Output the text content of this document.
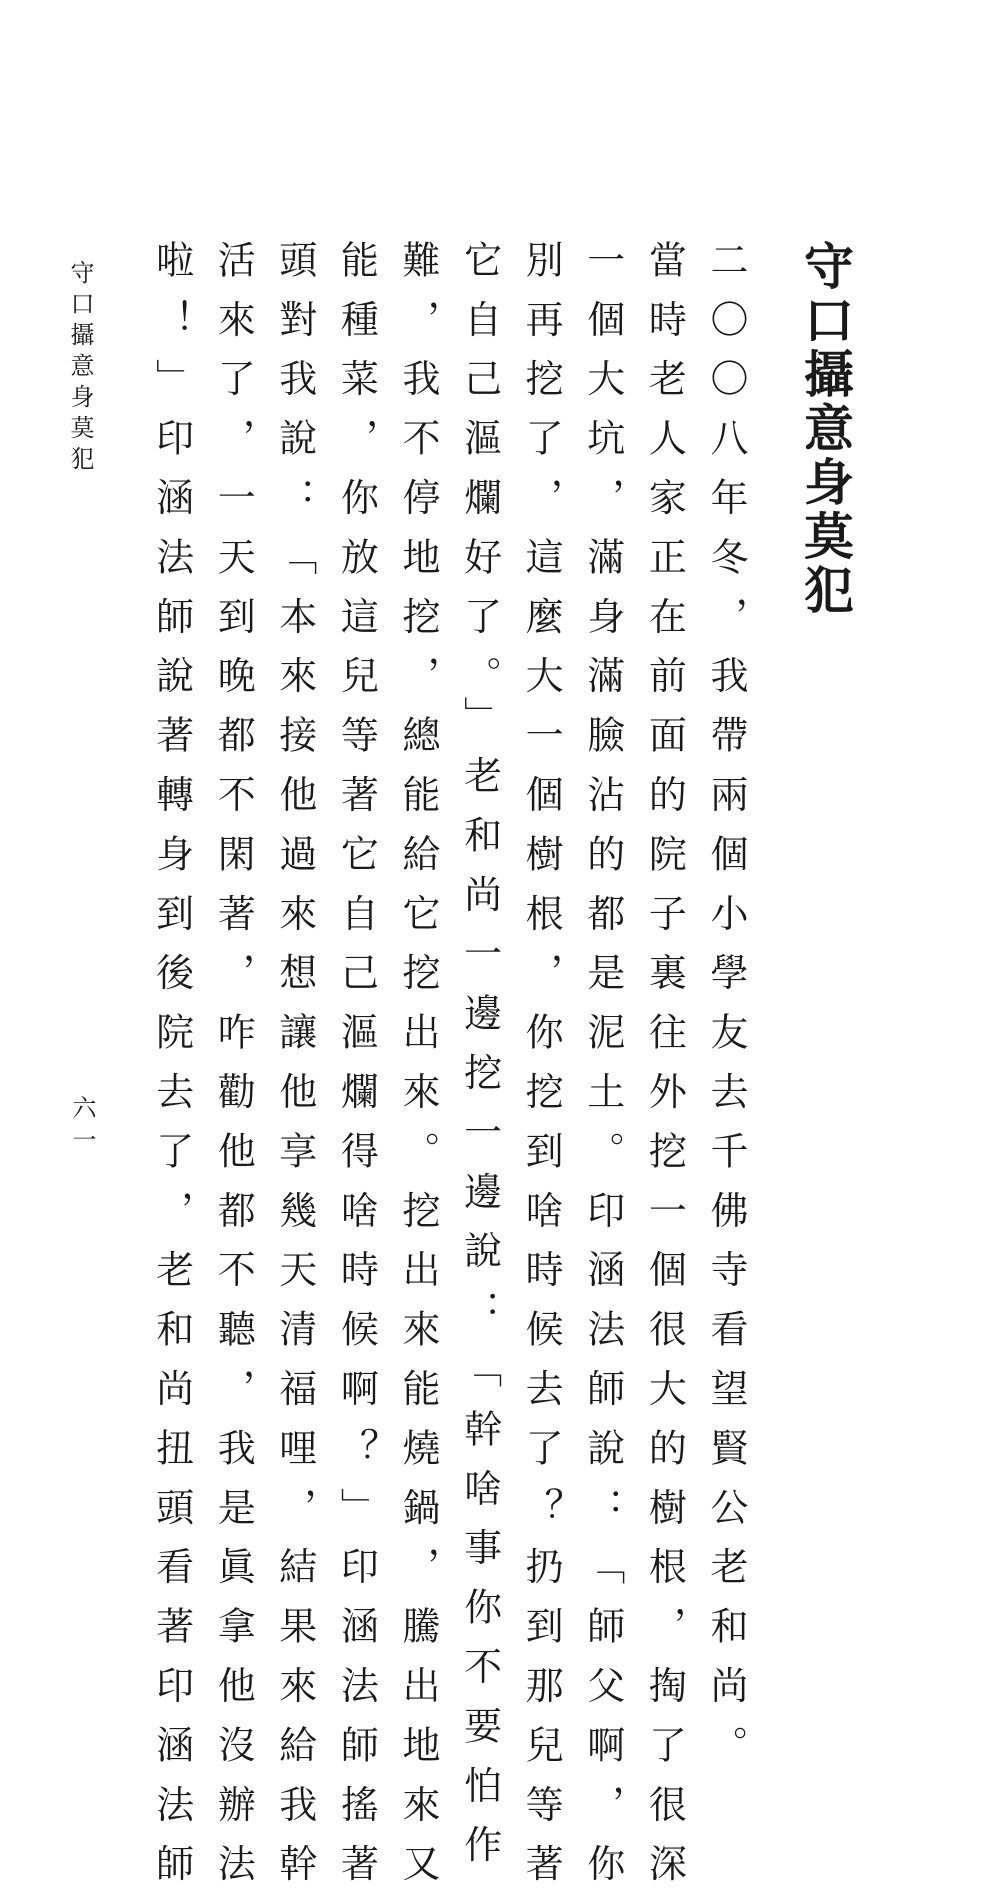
守口攝意身莫犯
二〇〇八年冬，我帶兩個小學友去千佛寺看望賢公老和尚。
當時老人家正在前面的院子裏往外挖一個很大的樹根，掏了很深
一個大坑，滿身滿臉沾的都是泥土。印涵法師說：「師父啊，你
別再挖了，這麼大一個樹根，你挖到啥時候去了？扔到那兒等著
它自己漚爛好了。」老和尚一邊挖一邊說：「幹啥事你不要怕作
難，我不停地挖，總能給它挖出來。挖出來能燒鍋，騰出地來又
能種菜，你放這兒等著它自己漚爛得啥時候啊？」印涵法師搖著
頭對我說：「本來接他過來想讓他享幾天清福哩，結果來給我幹
活來了，一天到晚都不閑著，咋勸他都不聽，我是眞拿他沒辦法
啦！」印涵法師說著轉身到後院去了，老和尚扭頭看著印涵法師
守口攝意身莫犯
六一
